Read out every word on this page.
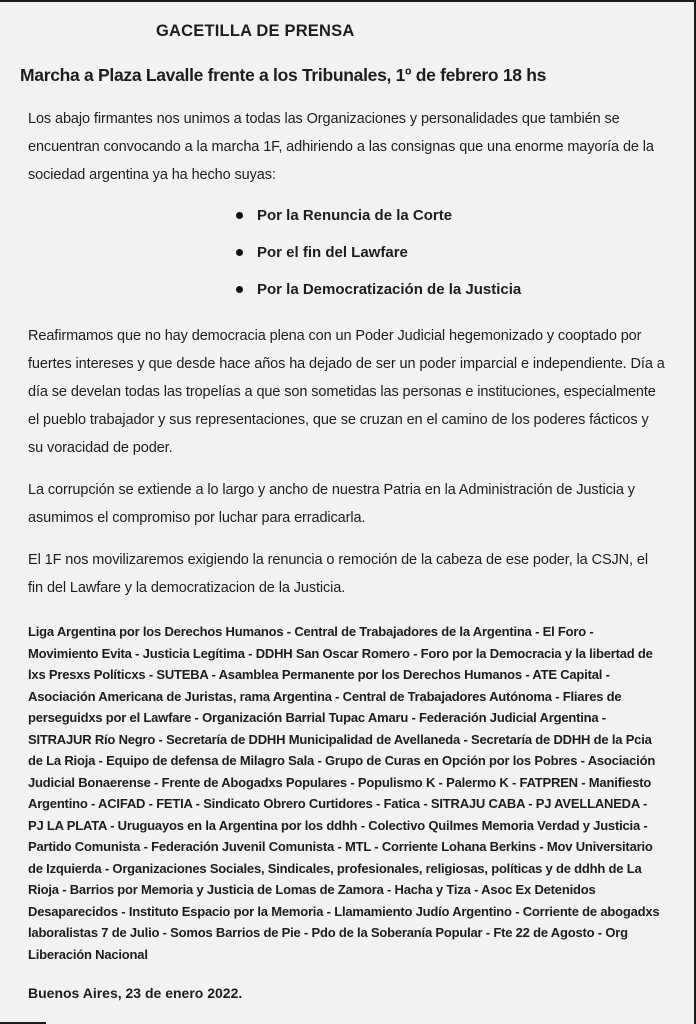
GACETILLA DE PRENSA
Marcha a Plaza Lavalle frente a los Tribunales, 1º de febrero 18 hs

Los abajo firmantes nos unimos a todas las Organizaciones y personalidades que también se encuentran convocando a la marcha 1F, adhiriendo a las consignas que una enorme mayoría de la sociedad argentina ya ha hecho suyas:

Por la Renuncia de la Corte
Por el fin del Lawfare
Por la Democratización de la Justicia

Reafirmamos que no hay democracia plena con un Poder Judicial hegemonizado y cooptado por fuertes intereses y que desde hace años ha dejado de ser un poder imparcial e independiente. Día a día se develan todas las tropelías a que son sometidas las personas e instituciones, especialmente el pueblo trabajador y sus representaciones, que se cruzan en el camino de los poderes fácticos y su voracidad de poder.

La corrupción se extiende a lo largo y ancho de nuestra Patria en la Administración de Justicia y asumimos el compromiso por luchar para erradicarla.

El 1F nos movilizaremos exigiendo la renuncia o remoción de la cabeza de ese poder, la CSJN, el fin del Lawfare y la democratizacion de la Justicia.

Liga Argentina por los Derechos Humanos - Central de Trabajadores de la Argentina - El Foro - Movimiento Evita - Justicia Legítima - DDHH San Oscar Romero - Foro por la Democracia y la libertad de lxs Presxs Políticxs - SUTEBA - Asamblea Permanente por los Derechos Humanos - ATE Capital - Asociación Americana de Juristas, rama Argentina - Central de Trabajadores Autónoma - Fliares de perseguidxs por el Lawfare - Organización Barrial Tupac Amaru - Federación Judicial Argentina - SITRAJUR Río Negro - Secretaría de DDHH Municipalidad de Avellaneda - Secretaría de DDHH de la Pcia de La Rioja - Equipo de defensa de Milagro Sala - Grupo de Curas en Opción por los Pobres - Asociación Judicial Bonaerense - Frente de Abogadxs Populares - Populismo K - Palermo K - FATPREN - Manifiesto Argentino - ACIFAD - FETIA - Sindicato Obrero Curtidores - Fatica - SITRAJU CABA - PJ AVELLANEDA - PJ LA PLATA - Uruguayos en la Argentina por los ddhh - Colectivo Quilmes Memoria Verdad y Justicia - Partido Comunista - Federación Juvenil Comunista - MTL - Corriente Lohana Berkins - Mov Universitario de Izquierda - Organizaciones Sociales, Sindicales, profesionales, religiosas, políticas y de ddhh de La Rioja - Barrios por Memoria y Justicia de Lomas de Zamora - Hacha y Tiza - Asoc Ex Detenidos Desaparecidos - Instituto Espacio por la Memoria - Llamamiento Judío Argentino - Corriente de abogadxs laboralistas 7 de Julio - Somos Barrios de Pie - Pdo de la Soberanía Popular - Fte 22 de Agosto - Org Liberación Nacional

Buenos Aires, 23 de enero 2022.
